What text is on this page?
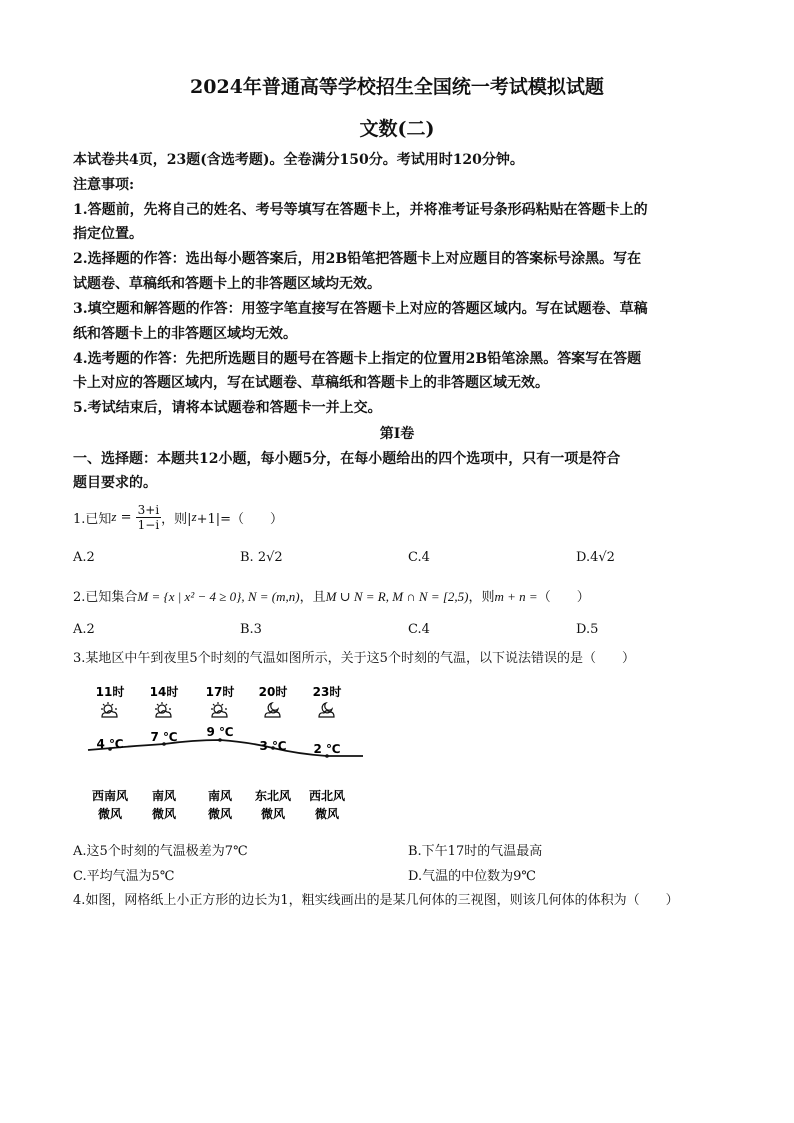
2024年普通高等学校招生全国统一考试模拟试题
文数(二)
本试卷共4页，23题(含选考题)。全卷满分150分。考试用时120分钟。
注意事项:
1.答题前，先将自己的姓名、考号等填写在答题卡上，并将准考证号条形码粘贴在答题卡上的
指定位置。
2.选择题的作答：选出每小题答案后，用2B铅笔把答题卡上对应题目的答案标号涂黑。写在
试题卷、草稿纸和答题卡上的非答题区域均无效。
3.填空题和解答题的作答：用签字笔直接写在答题卡上对应的答题区域内。写在试题卷、草稿
纸和答题卡上的非答题区域均无效。
4.选考题的作答：先把所选题目的题号在答题卡上指定的位置用2B铅笔涂黑。答案写在答题
卡上对应的答题区域内，写在试题卷、草稿纸和答题卡上的非答题区域无效。
5.考试结束后，请将本试题卷和答题卡一并上交。
第Ⅰ卷
一、选择题：本题共12小题，每小题5分，在每小题给出的四个选项中，只有一项是符合
题目要求的。
1.已知 $z = \frac{3+i}{1-i}$ ，则| z +1|=（　　）
A.2	B. 2√2	C.4	D.4√2
2.已知集合M = {x | x² − 4 ≥ 0}, N = (m,n)，且M ∪ N = R, M ∩ N = [2,5)，则m + n =（　　）
A.2	B.3	C.4	D.5
3.某地区中午到夜里5个时刻的气温如图所示，关于这5个时刻的气温，以下说法错误的是（　　）
11时 14时 17时 20时 23时
4 ℃ 7 ℃ 9 ℃
3 ℃ 2 ℃
西南风 南风	南风 东北风 西北风
微风 微风	微风 微风 微风
A.这5个时刻的气温极差为7℃	B.下午17时的气温最高
C.平均气温为5℃	D.气温的中位数为9℃
4.如图，网格纸上小正方形的边长为1，粗实线画出的是某几何体的三视图，则该几何体的体积为（　　）
